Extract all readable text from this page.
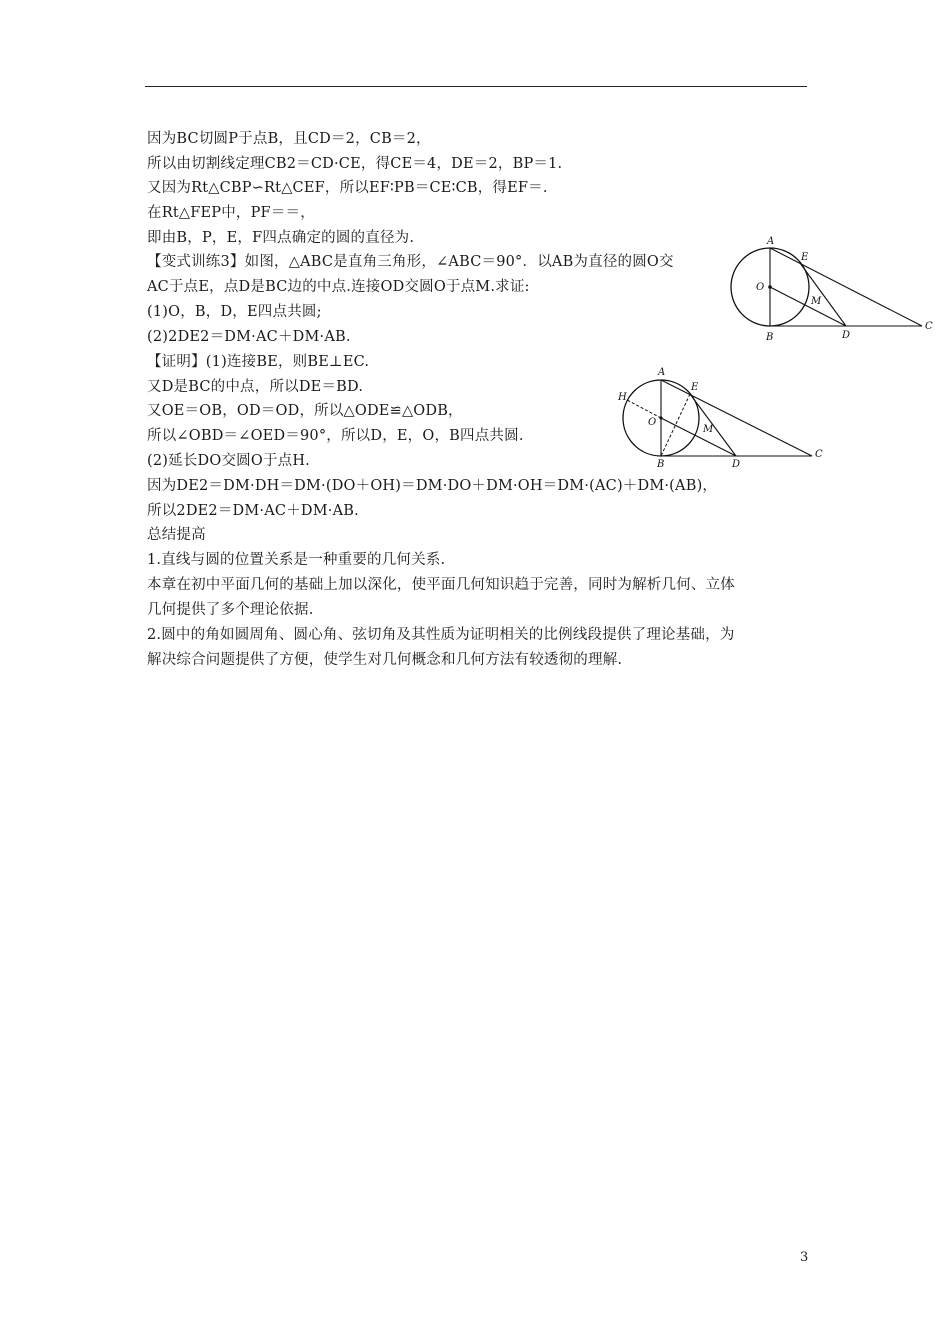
因为BC切圆P于点B，且CD＝2，CB＝2，
所以由切割线定理CB2＝CD·CE，得CE＝4，DE＝2，BP＝1.
又因为Rt△CBP∽Rt△CEF，所以EF∶PB＝CE∶CB，得EF＝.
在Rt△FEP中，PF＝＝，
即由B，P，E，F四点确定的圆的直径为.
【变式训练3】如图，△ABC是直角三角形，∠ABC＝90°．以AB为直径的圆O交
AC于点E，点D是BC边的中点.连接OD交圆O于点M.求证:
(1)O，B，D，E四点共圆;
(2)2DE2＝DM·AC＋DM·AB.
【证明】(1)连接BE，则BE⊥EC.
又D是BC的中点，所以DE＝BD.
又OE＝OB，OD＝OD，所以△ODE≌△ODB，
所以∠OBD＝∠OED＝90°，所以D，E，O，B四点共圆.
(2)延长DO交圆O于点H.
因为DE2＝DM·DH＝DM·(DO＋OH)＝DM·DO＋DM·OH＝DM·(AC)＋DM·(AB)，
所以2DE2＝DM·AC＋DM·AB.
总结提高
1.直线与圆的位置关系是一种重要的几何关系.
本章在初中平面几何的基础上加以深化，使平面几何知识趋于完善，同时为解析几何、立体
几何提供了多个理论依据.
2.圆中的角如圆周角、圆心角、弦切角及其性质为证明相关的比例线段提供了理论基础，为
解决综合问题提供了方便，使学生对几何概念和几何方法有较透彻的理解.
A
E
O
M
B	D
C
A
E
H
O
M
B	D
C
3
